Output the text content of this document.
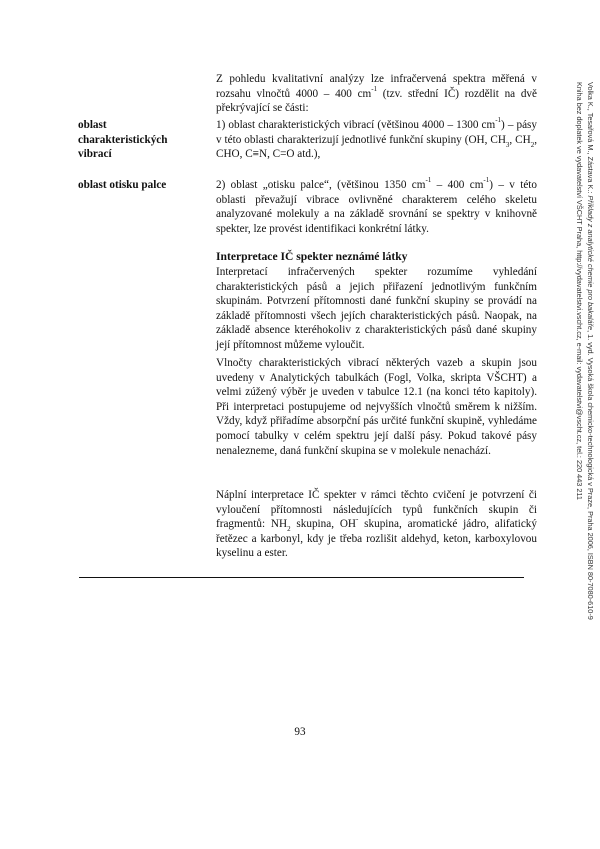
Volka K., Tesařová M., Zástava K.: Příklady z analytické chemie pro bakaláře, 1. vyd. Vysoká škola chemicko-technologická v Praze, Praha 2006, ISBN 80-7080-610-9
Kniha bez doplatek ve vydavatelství VŠCHT Praha, http://vydavatelstvi.vscht.cz, e-mail: vydavatelstvi@vscht.cz, tel.: 220 443 211

Z pohledu kvalitativní analýzy lze infračervená spektra měřená v rozsahu vlnočtů 4000 – 400 $cm^{-1}$ (tzv. střední IČ) rozdělit na dvě překrývající se části:

oblast
charakteristických
vibrací

1) oblast charakteristických vibrací (většinou 4000 – 1300 $cm^{-1}$) – pásy v této oblasti charakterizují jednotlivé funkční skupiny (OH, $CH_3$, $CH_2$, CHO, C≡N, C=O atd.),

oblast otisku palce	2) oblast „otisku palce“, (většinou 1350 $cm^{-1} - 400$ $cm^{-1}$) – v této oblasti převažují vibrace ovlivněné charakterem celého skeletu analyzované molekuly a na základě srovnání se spektry v knihovně spekter, lze provést identifikaci konkrétní látky.

Interpretace IČ spekter neznámé látky

Interpretací infračervených spekter rozumíme vyhledání charakteristických pásů a jejich přiřazení jednotlivým funkčním skupinám. Potvrzení přítomnosti dané funkční skupiny se provádí na základě přítomnosti všech jejích charakteristických pásů. Naopak, na základě absence kteréhokoliv z charakteristických pásů dané skupiny její přítomnost můžeme vyloučit.

Vlnočty charakteristických vibrací některých vazeb a skupin jsou uvedeny v Analytických tabulkách (Fogl, Volka, skripta VŠCHT) a velmi zúžený výběr je uveden v tabulce 12.1 (na konci této kapitoly). Při interpretaci postupujeme od nejvyšších vlnočtů směrem k nižším. Vždy, když přiřadíme absorpční pás určité funkční skupině, vyhledáme pomocí tabulky v celém spektru její další pásy. Pokud takové pásy nenalezneme, daná funkční skupina se v molekule nenachází.

Náplní interpretace IČ spekter v rámci těchto cvičení je potvrzení či vyloučení přítomnosti následujících typů funkčních skupin či fragmentů: $NH_2$ skupina, OH- skupina, aromatické jádro, alifatický řetězec a karbonyl, kdy je třeba rozlišit aldehyd, keton, karboxylovou kyselinu a ester.

93
